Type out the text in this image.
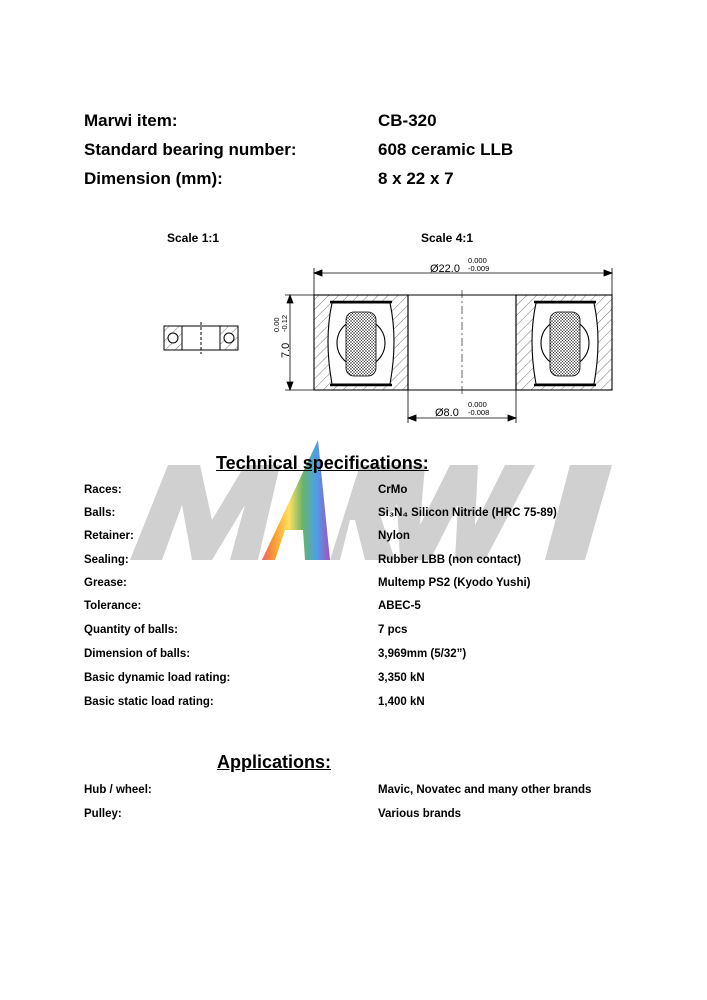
Marwi item:	CB-320
Standard bearing number:	608 ceramic LLB
Dimension (mm):	8 x 22 x 7
Scale 1:1	Scale 4:1
Ø22.0
0.000
-0.009
Ø8.0
0.000
-0.008
7.0
0.00 -0.12
Technical specifications:
Races:	CrMo
Balls:	Si₃N₄ Silicon Nitride (HRC 75-89)
Retainer:	Nylon
Sealing:	Rubber LBB (non contact)
Grease:	Multemp PS2 (Kyodo Yushi)
Tolerance:	ABEC-5
Quantity of balls:	7 pcs
Dimension of balls:	3,969mm (5/32”)
Basic dynamic load rating:	3,350 kN
Basic static load rating:	1,400 kN
Applications:
Hub / wheel:	Mavic, Novatec and many other brands
Pulley:	Various brands
